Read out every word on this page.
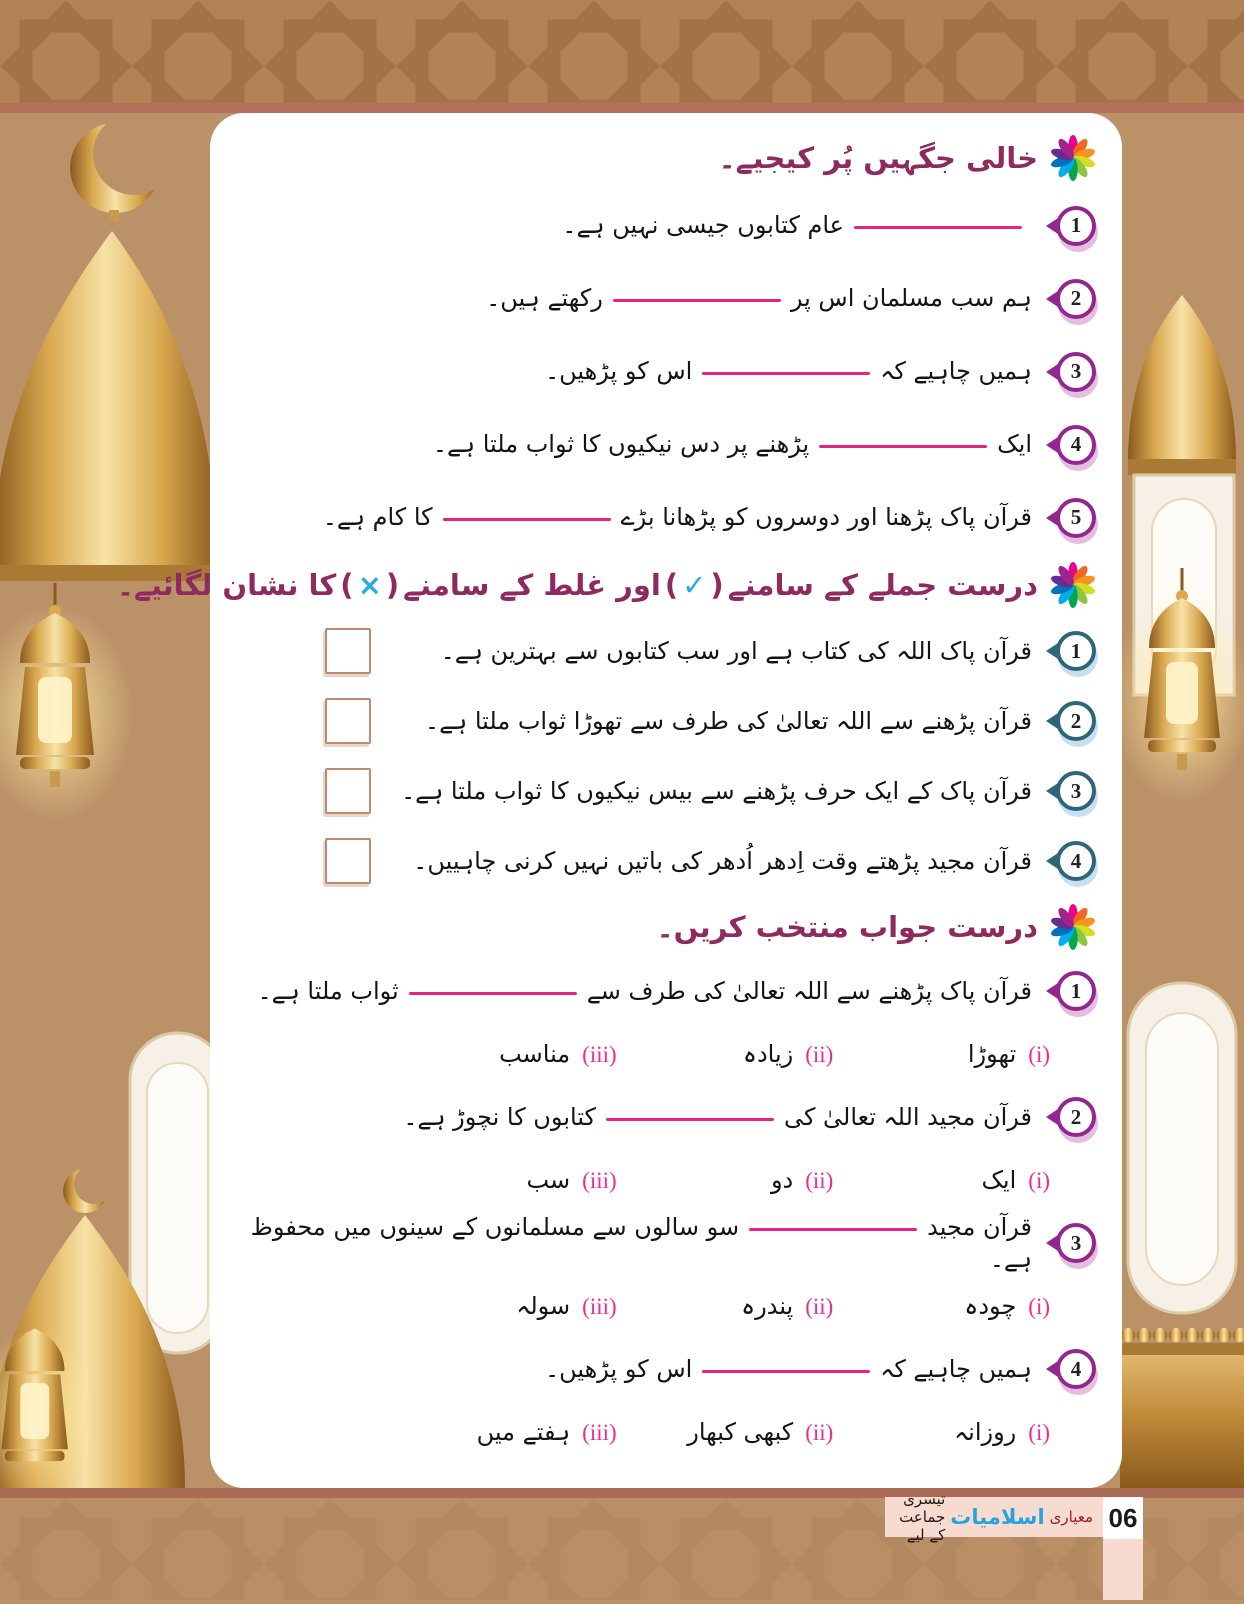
خالی جگہیں پُر کیجیے۔
1
عام کتابوں جیسی نہیں ہے۔
2
ہم سب مسلمان اس پررکھتے ہیں۔
3
ہمیں چاہیے کہاس کو پڑھیں۔
4
ایکپڑھنے پر دس نیکیوں کا ثواب ملتا ہے۔
5
قرآن پاک پڑھنا اور دوسروں کو پڑھانا بڑےکا کام ہے۔
درست جملے کے سامنے
(
✓
)
اور غلط کے سامنے
(
×
)
کا نشان لگائیے۔
1
قرآن پاک اللہ کی کتاب ہے اور سب کتابوں سے بہترین ہے۔
2
قرآن پڑھنے سے اللہ تعالیٰ کی طرف سے تھوڑا ثواب ملتا ہے۔
3
قرآن پاک کے ایک حرف پڑھنے سے بیس نیکیوں کا ثواب ملتا ہے۔
4
قرآن مجید پڑھتے وقت اِدھر اُدھر کی باتیں نہیں کرنی چاہییں۔
درست جواب منتخب کریں۔
1
قرآن پاک پڑھنے سے اللہ تعالیٰ کی طرف سےثواب ملتا ہے۔
(i)
تھوڑا
(ii)
زیادہ
(iii)
مناسب
2
قرآن مجید اللہ تعالیٰ کیکتابوں کا نچوڑ ہے۔
(i)
ایک
(ii)
دو
(iii)
سب
3
قرآن مجیدسو سالوں سے مسلمانوں کے سینوں میں محفوظ ہے۔
(i)
چودہ
(ii)
پندرہ
(iii)
سولہ
4
ہمیں چاہیے کہاس کو پڑھیں۔
(i)
روزانہ
(ii)
کبھی کبھار
(iii)
ہفتے میں
معیاری
اسلامیات
تیسری جماعت کے لیے
06
